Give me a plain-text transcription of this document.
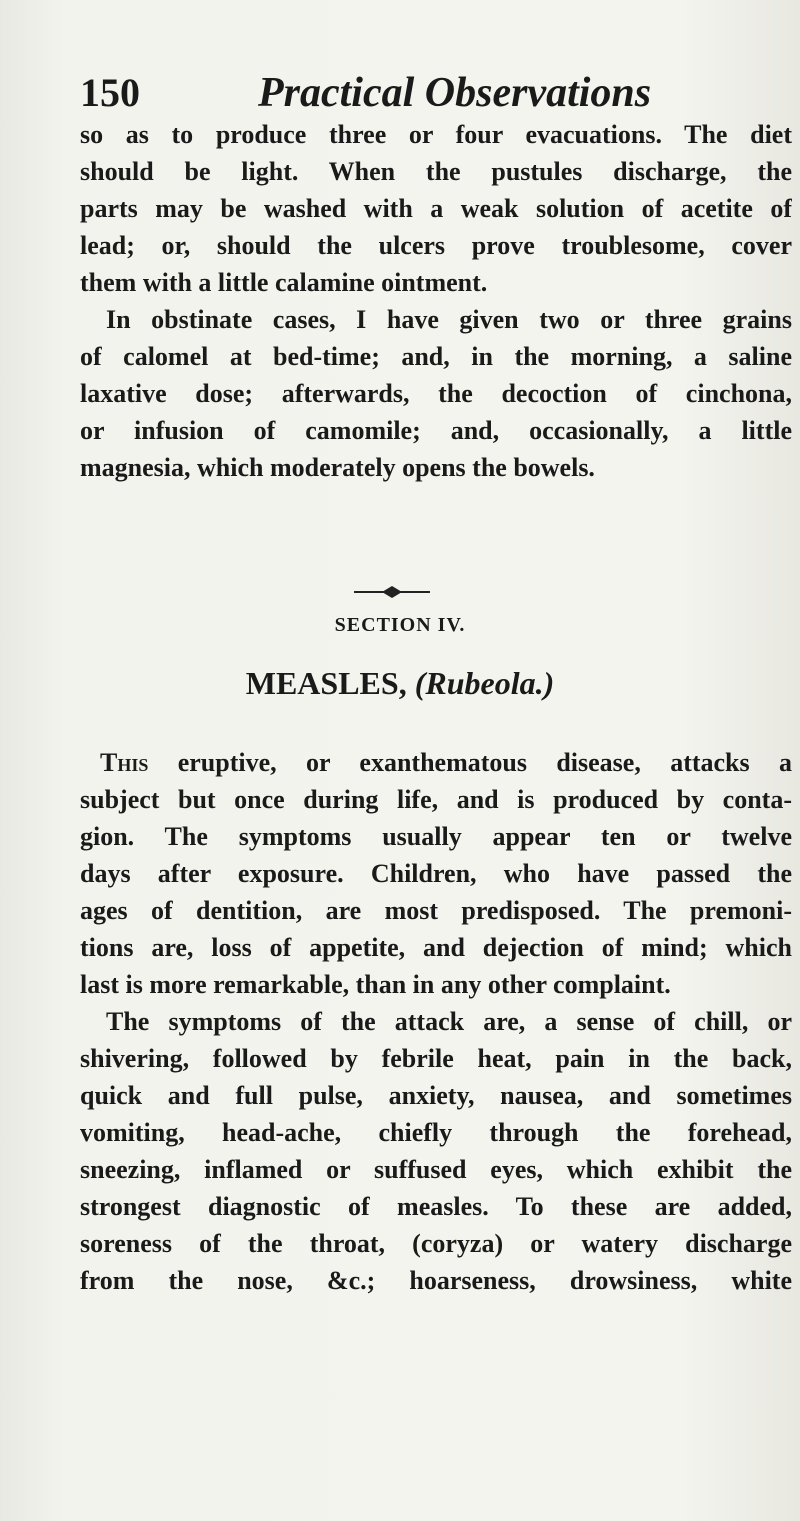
150	Practical Observations
so as to produce three or four evacuations. The diet
should be light. When the pustules discharge, the
parts may be washed with a weak solution of acetite of
lead; or, should the ulcers prove troublesome, cover
them with a little calamine ointment.
In obstinate cases, I have given two or three grains
of calomel at bed-time; and, in the morning, a saline
laxative dose; afterwards, the decoction of cinchona,
or infusion of camomile; and, occasionally, a little
magnesia, which moderately opens the bowels.
SECTION IV.
MEASLES, (Rubeola.)
This eruptive, or exanthematous disease, attacks a
subject but once during life, and is produced by conta-
gion. The symptoms usually appear ten or twelve
days after exposure. Children, who have passed the
ages of dentition, are most predisposed. The premoni-
tions are, loss of appetite, and dejection of mind; which
last is more remarkable, than in any other complaint.
The symptoms of the attack are, a sense of chill, or
shivering, followed by febrile heat, pain in the back,
quick and full pulse, anxiety, nausea, and sometimes
vomiting, head-ache, chiefly through the forehead,
sneezing, inflamed or suffused eyes, which exhibit the
strongest diagnostic of measles. To these are added,
soreness of the throat, (coryza) or watery discharge
from the nose, &c.; hoarseness, drowsiness, white
